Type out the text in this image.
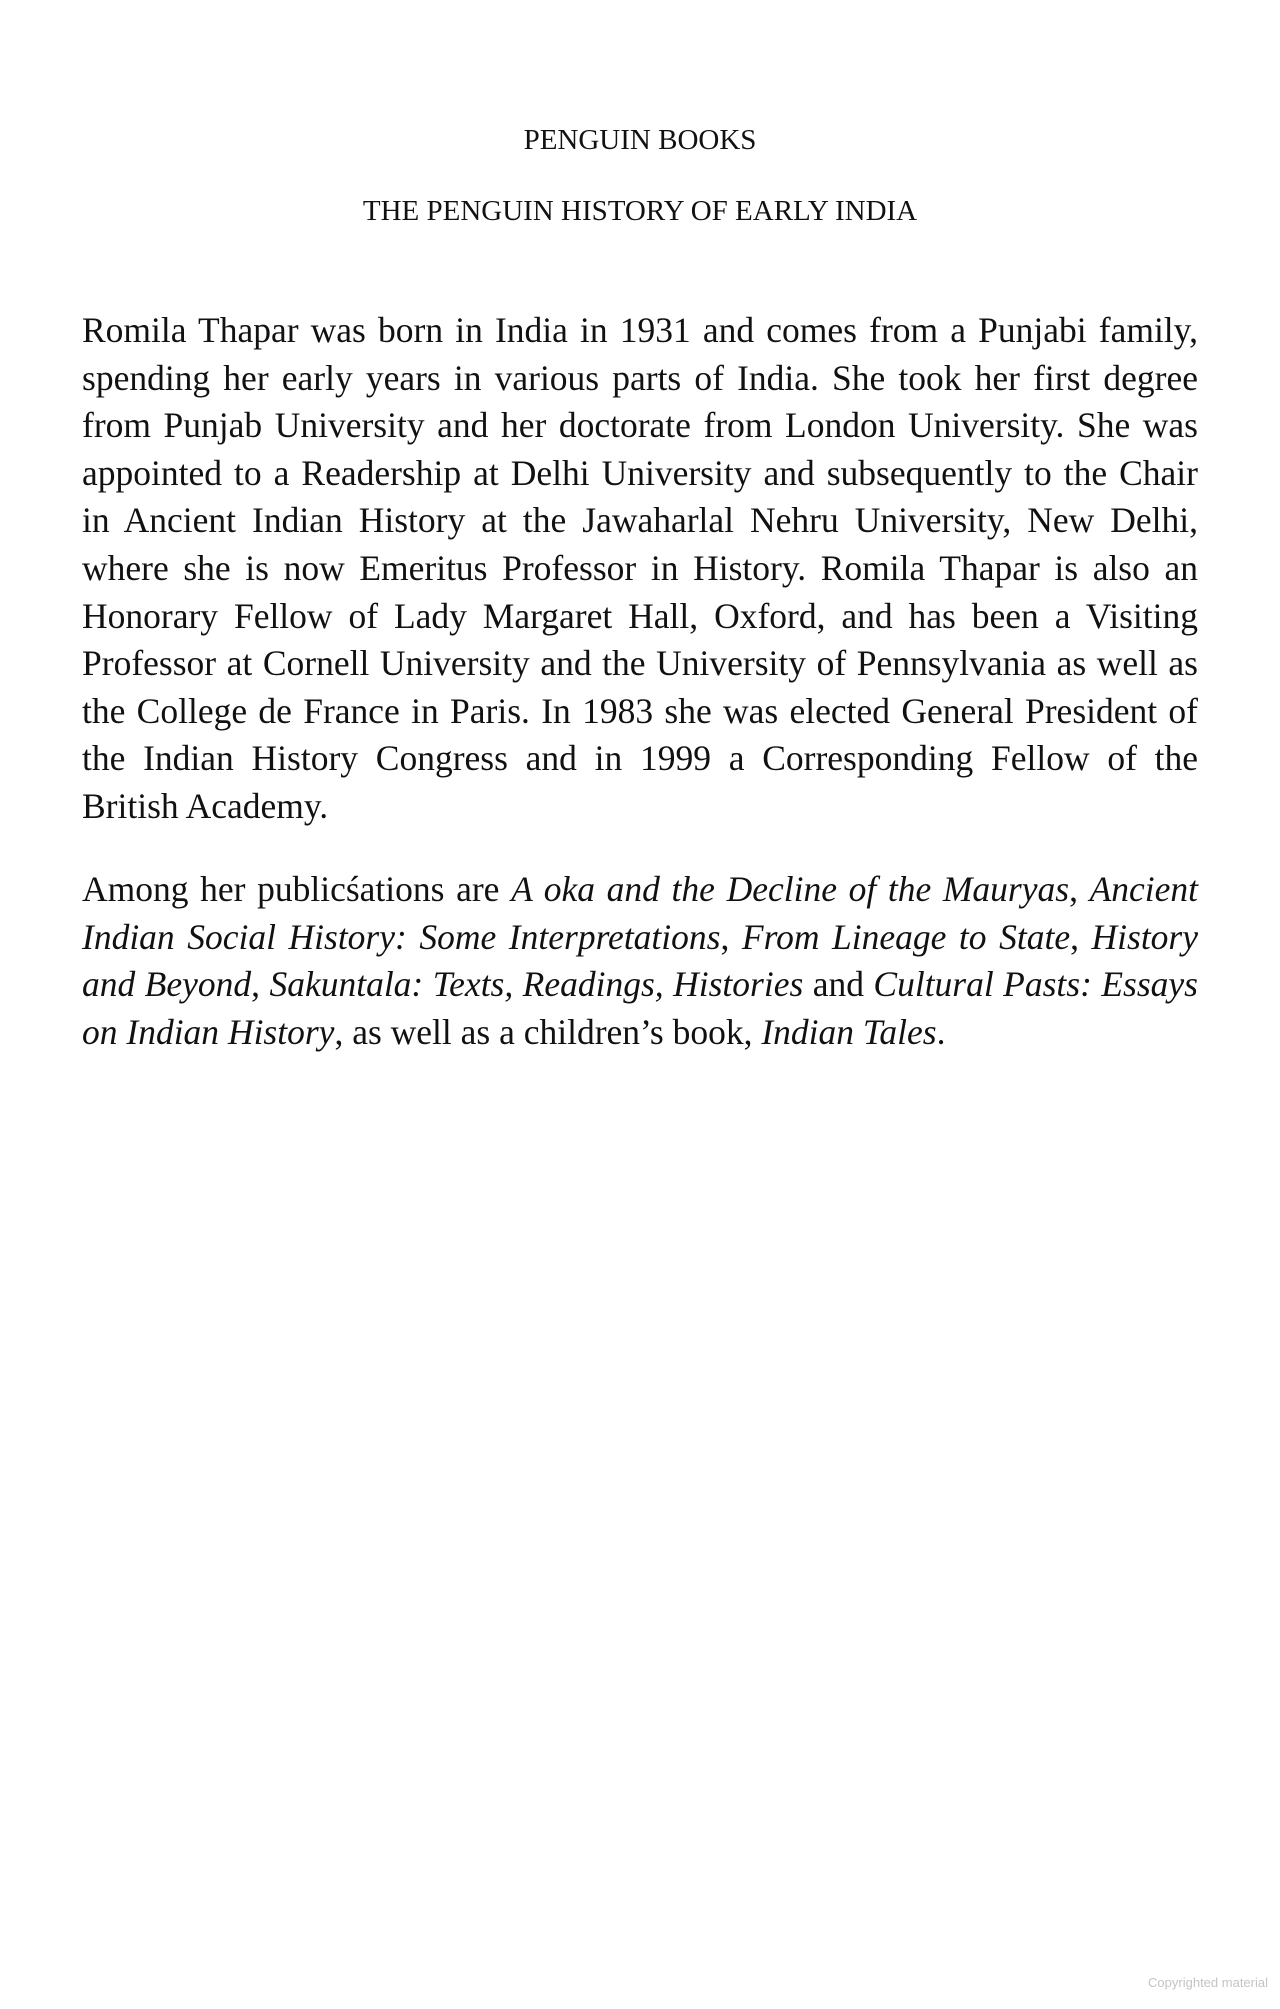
PENGUIN BOOKS
THE PENGUIN HISTORY OF EARLY INDIA

Romila Thapar was born in India in 1931 and comes from a Punjabi family, spending her early years in various parts of India. She took her first degree from Punjab University and her doctorate from London University. She was appointed to a Readership at Delhi University and subsequently to the Chair in Ancient Indian History at the Jawaharlal Nehru University, New Delhi, where she is now Emeritus Professor in History. Romila Thapar is also an Honorary Fellow of Lady Margaret Hall, Oxford, and has been a Visiting Professor at Cornell University and the University of Pennsylvania as well as the College de France in Paris. In 1983 she was elected General President of the Indian History Congress and in 1999 a Corresponding Fellow of the British Academy.

Among her publicśations are A oka and the Decline of the Mauryas, Ancient Indian Social History: Some Interpretations, From Lineage to State, History and Beyond, Sakuntala: Texts, Readings, Histories and Cultural Pasts: Essays on Indian History, as well as a children’s book, Indian Tales.

Copyrighted material
